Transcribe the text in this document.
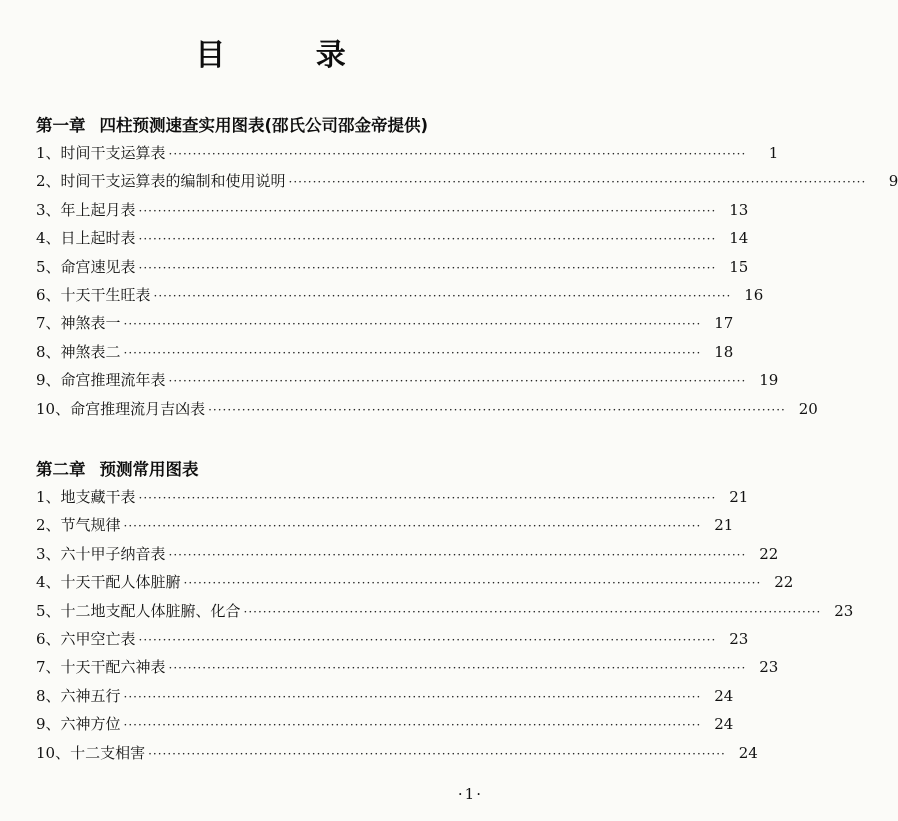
目 录
第一章 四柱预测速查实用图表(邵氏公司邵金帝提供)
1、时间干支运算表 ························································································································	1
2、时间干支运算表的编制和使用说明 ························································································································	9
3、年上起月表 ························································································································ 13
4、日上起时表 ························································································································ 14
5、命宫速见表 ························································································································ 15
6、十天干生旺表 ························································································································ 16
7、神煞表一 ························································································································ 17
8、神煞表二 ························································································································ 18
9、命宫推理流年表 ························································································································ 19
10、命宫推理流月吉凶表 ························································································································ 20
第二章 预测常用图表
1、地支藏干表 ························································································································ 21
2、节气规律 ························································································································ 21
3、六十甲子纳音表 ························································································································ 22
4、十天干配人体脏腑 ························································································································ 22
5、十二地支配人体脏腑、化合 ························································································································ 23
6、六甲空亡表 ························································································································ 23
7、十天干配六神表 ························································································································ 23
8、六神五行 ························································································································ 24
9、六神方位 ························································································································ 24
10、十二支相害 ························································································································ 24
·1·
